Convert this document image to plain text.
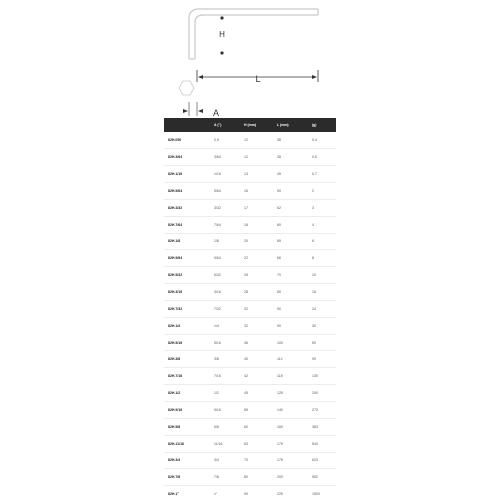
H
L
A
	A (")	H (mm)	L (mm)	(g)
82H.050	0.5	12	38	0.4
82H.3/64	3/64	12	38	0.5
82H.1/16	1/16	13	45	0.7
82H.5/64	5/64	16	50	2
82H.3/32	3/32	17	62	3
82H.7/64	7/64	18	60	4
82H.1/8	1/8	20	65	6
82H.9/64	9/64	22	66	8
82H.5/32	5/32	25	70	10
82H.3/16	3/16	28	80	16
82H.7/32	7/32	32	90	24
82H.1/4	1/4	32	90	30
82H.5/16	5/16	36	100	50
82H.3/8	3/8	40	112	90
82H.7/16	7/16	42	118	130
82H.1/2	1/2	45	125	200
82H.9/16	9/16	55	140	273
82H.5/8	5/8	60	160	383
82H.11/16	11/16	63	170	540
82H.3/4	3/4	70	175	623
82H.7/8	7/8	80	200	952
82H.1"	1"	90	225	1500
